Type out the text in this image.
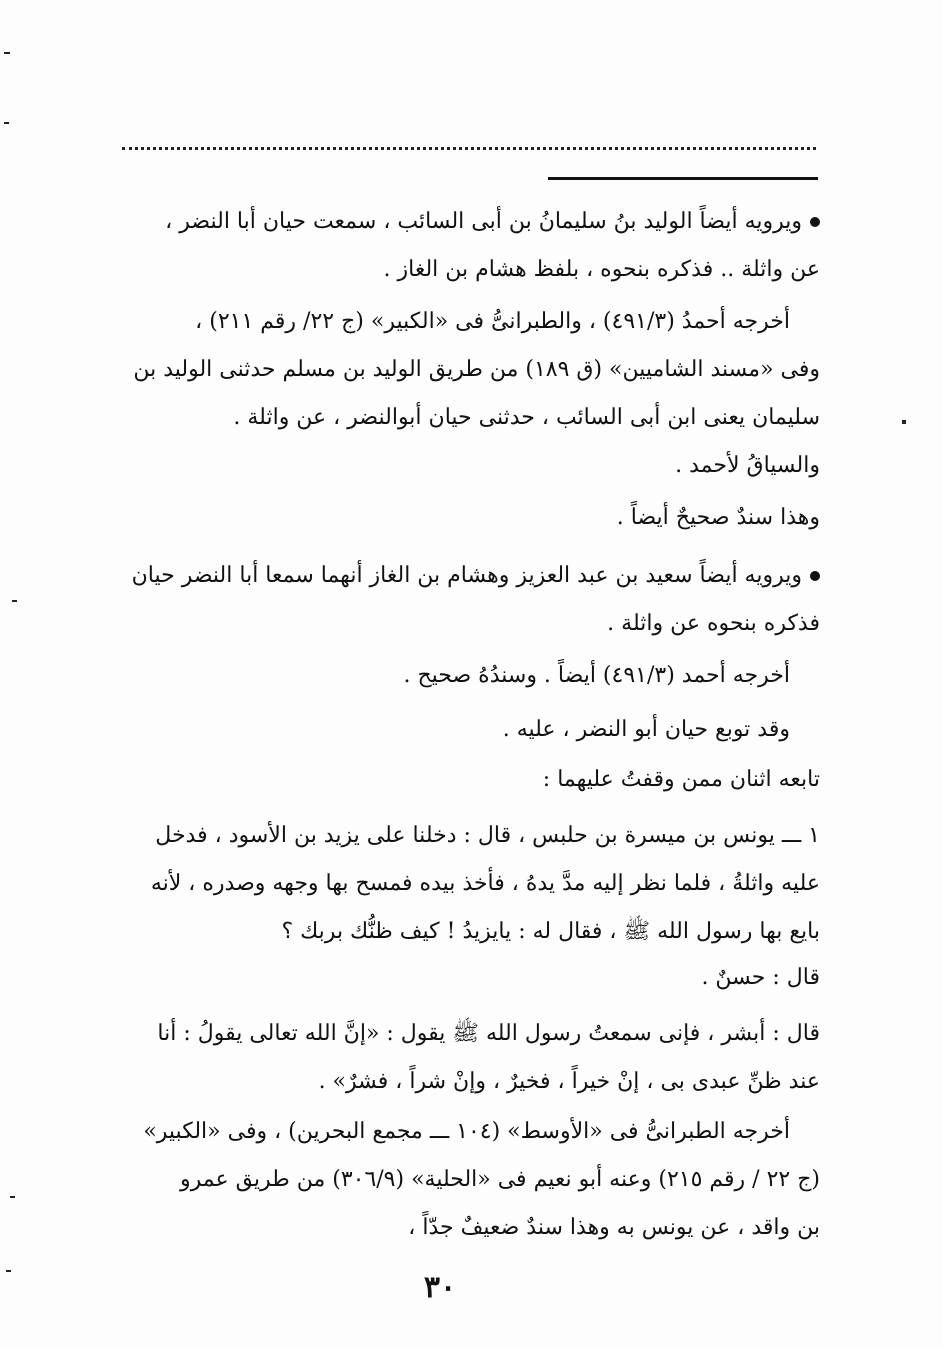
ويرويه أيضاً الوليد بنُ سليمانُ بن أبى السائب ، سمعت حيان أبا النضر ،
عن واثلة .. فذكره بنحوه ، بلفظ هشام بن الغاز .
أخرجه أحمدُ (٤٩١/٣) ، والطبرانىُّ فى «الكبير» (ج ٢٢/ رقم ٢١١) ،
وفى «مسند الشاميين» (ق ١٨٩) من طريق الوليد بن مسلم حدثنى الوليد بن
سليمان يعنى ابن أبى السائب ، حدثنى حيان أبوالنضر ، عن واثلة .
والسياقُ لأحمد .
وهذا سندٌ صحيحٌ أيضاً .
ويرويه أيضاً سعيد بن عبد العزيز وهشام بن الغاز أنهما سمعا أبا النضر حيان
فذكره بنحوه عن واثلة .
أخرجه أحمد (٤٩١/٣) أيضاً . وسندُهُ صحيح .
وقد توبع حيان أبو النضر ، عليه .
تابعه اثنان ممن وقفتُ عليهما :
١ ـــ يونس بن ميسرة بن حلبس ، قال : دخلنا على يزيد بن الأسود ، فدخل
عليه واثلةُ ، فلما نظر إليه مدَّ يدهُ ، فأخذ بيده فمسح بها وجهه وصدره ، لأنه
بايع بها رسول الله ﷺ ، فقال له : يايزيدُ ! كيف ظنُّك بربك ؟
قال : حسنٌ .
قال : أبشر ، فإنى سمعتُ رسول الله ﷺ يقول : «إنَّ الله تعالى يقولُ : أنا
عند ظنِّ عبدى بى ، إنْ خيراً ، فخيرٌ ، وإنْ شراً ، فشرٌ» .
أخرجه الطبرانىُّ فى «الأوسط» (١٠٤ ـــ مجمع البحرين) ، وفى «الكبير»
(ج ٢٢ / رقم ٢١٥) وعنه أبو نعيم فى «الحلية» (٣٠٦/٩) من طريق عمرو
بن واقد ، عن يونس به وهذا سندٌ ضعيفٌ جدّاً ،
٣٠
